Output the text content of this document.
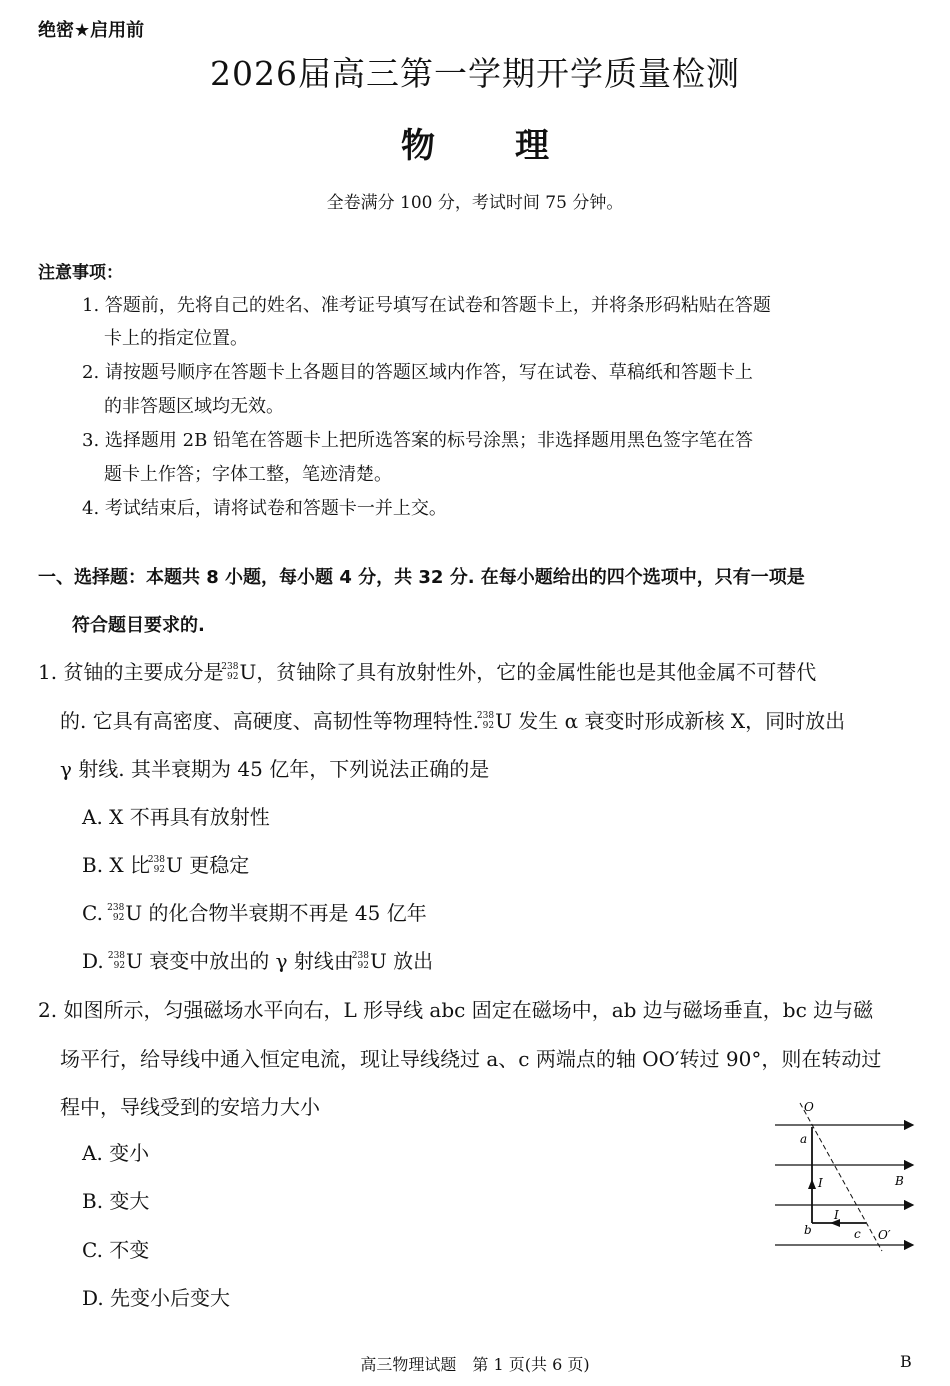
绝密★启用前
2026届高三第一学期开学质量检测
物 理
全卷满分 100 分，考试时间 75 分钟。
注意事项：
1. 答题前，先将自己的姓名、准考证号填写在试卷和答题卡上，并将条形码粘贴在答题
卡上的指定位置。
2. 请按题号顺序在答题卡上各题目的答题区域内作答，写在试卷、草稿纸和答题卡上
的非答题区域均无效。
3. 选择题用 2B 铅笔在答题卡上把所选答案的标号涂黑；非选择题用黑色签字笔在答
题卡上作答；字体工整，笔迹清楚。
4. 考试结束后，请将试卷和答题卡一并上交。
一、选择题：本题共 8 小题，每小题 4 分，共 32 分. 在每小题给出的四个选项中，只有一项是
符合题目要求的.
1. 贫铀的主要成分是
238
92 U，贫铀除了具有放射性外，它的金属性能也是其他金属不可替代
的. 它具有高密度、高硬度、高韧性等物理特性.
238
92 U 发生 α 衰变时形成新核 X，同时放出
γ 射线. 其半衰期为 45 亿年，下列说法正确的是
A. X 不再具有放射性
B. X 比
238
92 U 更稳定
C.
238
92 U 的化合物半衰期不再是 45 亿年
D.
238
92 U 衰变中放出的 γ 射线由
238
92 U 放出
2. 如图所示，匀强磁场水平向右，L 形导线 abc 固定在磁场中，ab 边与磁场垂直，bc 边与磁
场平行，给导线中通入恒定电流，现让导线绕过 a、c 两端点的轴 OO′转过 90°，则在转动过
程中，导线受到的安培力大小
A. 变小
B. 变大
C. 不变
D. 先变小后变大
O
a
I	B
I
b	c O′
高三物理试题　第 1 页(共 6 页)	B
